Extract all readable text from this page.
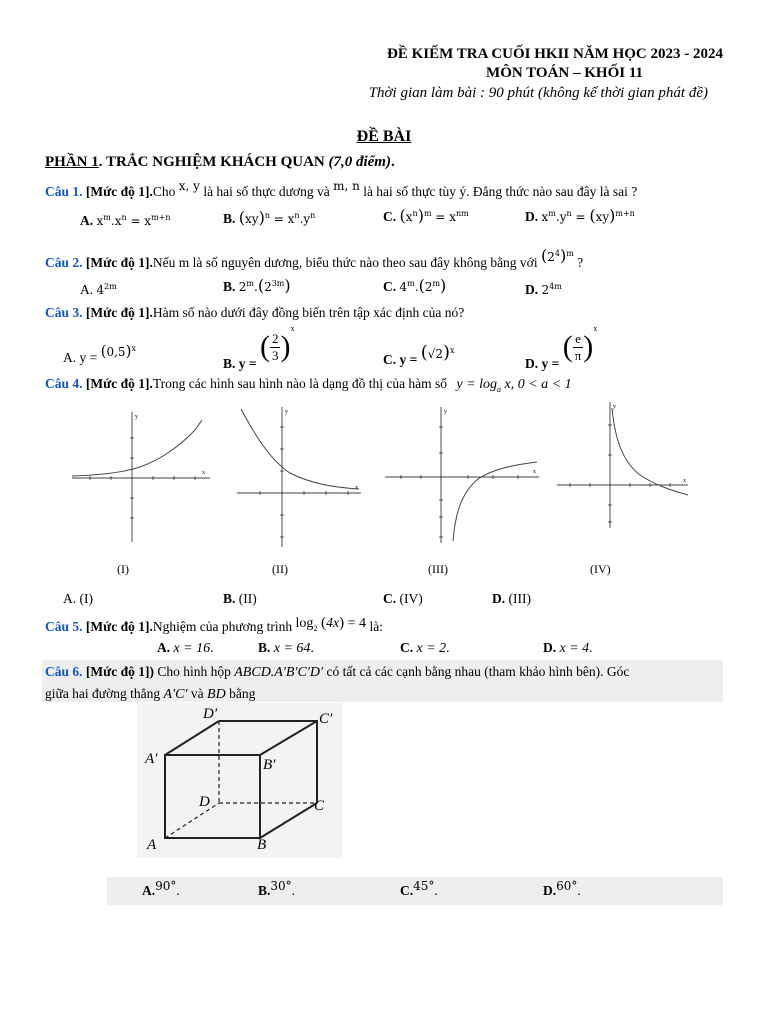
ĐỀ KIẾM TRA CUỐI HKII NĂM HỌC 2023 - 2024
MÔN TOÁN – KHỐI 11
Thời gian làm bài : 90 phút (không kể thời gian phát đề)
ĐỀ BÀI
PHẦN 1. TRẮC NGHIỆM KHÁCH QUAN (7,0 điểm).
Câu 1. [Mức độ 1].Cho x, y là hai số thực dương và m, n là hai số thực tùy ý. Đẳng thức nào sau đây là sai ?
A. $x^m.x^n = x^{m+n}$	B. $(xy)^n = x^n.y^n$	C. $(x^n)^m = x^{nm}$	D. $x^m.y^n = (xy)^{m+n}$
Câu 2. [Mức độ 1].Nếu m là số nguyên dương, biểu thức nào theo sau đây không bằng với $(2^4)^m$ ?
A. $4^{2m}$	B. $2^m.(2^{3m})$	C. 4$^m$.(2$^m$)	D. $2^{4m}$
Câu 3. [Mức độ 1].Hàm số nào dưới đây đồng biến trên tập xác định của nó?
A. $y = (0,5)^x$
B. y = ( $\frac{2}{3} )^x$
C. $y = (√2)^x$
D. y = ( $\frac{e}{\pi} )^x$
Câu 4. [Mức độ 1].Trong các hình sau hình nào là dạng đồ thị của hàm số $y = \log_a x$, 0 < a < 1
x
y
(I)
x
y
(II)
x
y
(III)
x
y
(IV)
A. (I)	B. (II)	C. (IV)	D. (III)
Câu 5. [Mức độ 1].Nghiệm của phương trình $\log_2 (4x) = 4$ là:
A. x = 16.	B. x = 64.	C. x = 2.	D. x = 4.
Câu 6. [Mức độ 1]) Cho hình hộp ABCD.A′B′C′D′ có tất cả các cạnh bằng nhau (tham khảo hình bên). Góc
giữa hai đường thẳng A′C′ và BD bằng
D′	C′
A′	B′
D	C
A	B
A.90°.	B.30°.	C.45°.	D.60°.
